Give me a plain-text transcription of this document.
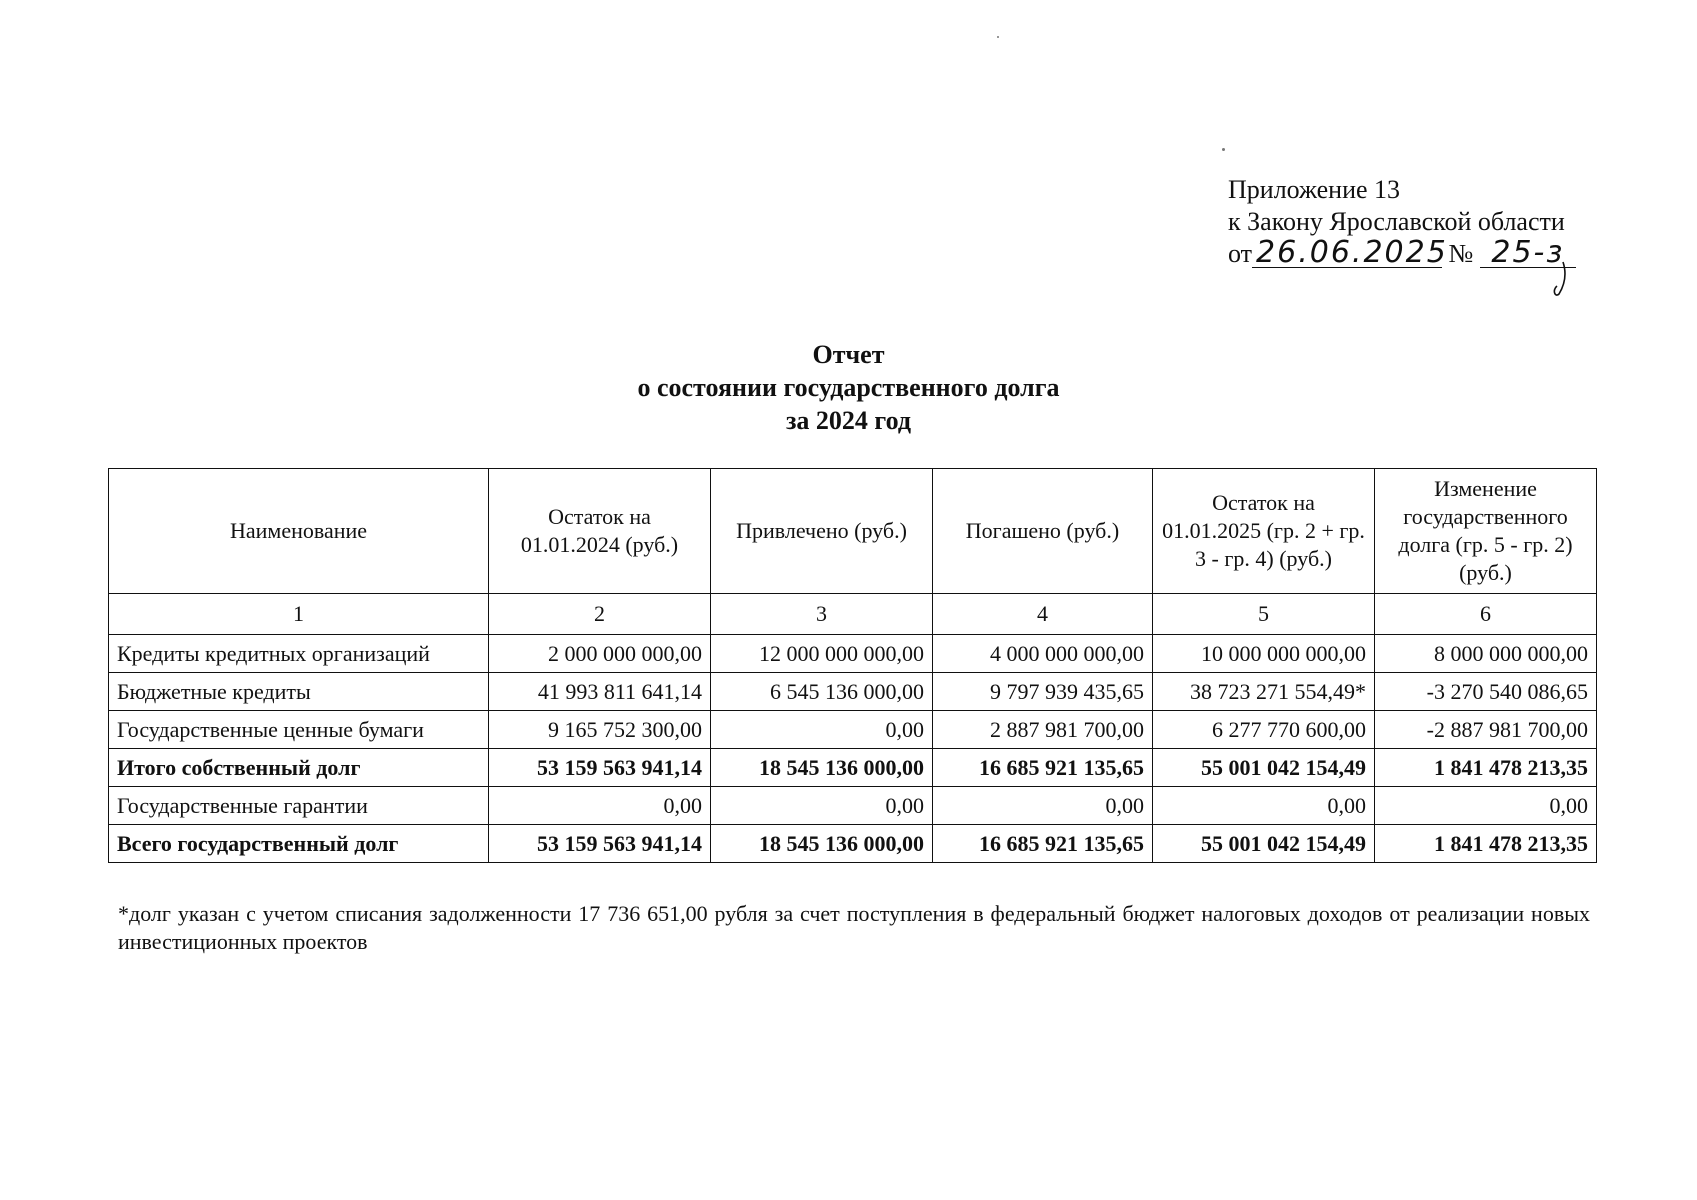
Приложение 13
к Закону Ярославской области
от 26.06.2025 № 25-з
Отчет
о состоянии государственного долга
за 2024 год
Наименование	Остаток на 01.01.2024 (руб.)	Привлечено (руб.)	Погашено (руб.)	Остаток на 01.01.2025 (гр. 2 + гр. 3 - гр. 4) (руб.)	Изменение государственного долга (гр. 5 - гр. 2) (руб.)
1	2	3	4	5	6
Кредиты кредитных организаций	2 000 000 000,00	12 000 000 000,00	4 000 000 000,00	10 000 000 000,00	8 000 000 000,00
Бюджетные кредиты	41 993 811 641,14	6 545 136 000,00	9 797 939 435,65	38 723 271 554,49*	-3 270 540 086,65
Государственные ценные бумаги	9 165 752 300,00	0,00	2 887 981 700,00	6 277 770 600,00	-2 887 981 700,00
Итого собственный долг	53 159 563 941,14	18 545 136 000,00	16 685 921 135,65	55 001 042 154,49	1 841 478 213,35
Государственные гарантии	0,00	0,00	0,00	0,00	0,00
Всего государственный долг	53 159 563 941,14	18 545 136 000,00	16 685 921 135,65	55 001 042 154,49	1 841 478 213,35
*долг указан с учетом списания задолженности 17 736 651,00 рубля за счет поступления в федеральный бюджет налоговых доходов от реализации новых инвестиционных проектов
